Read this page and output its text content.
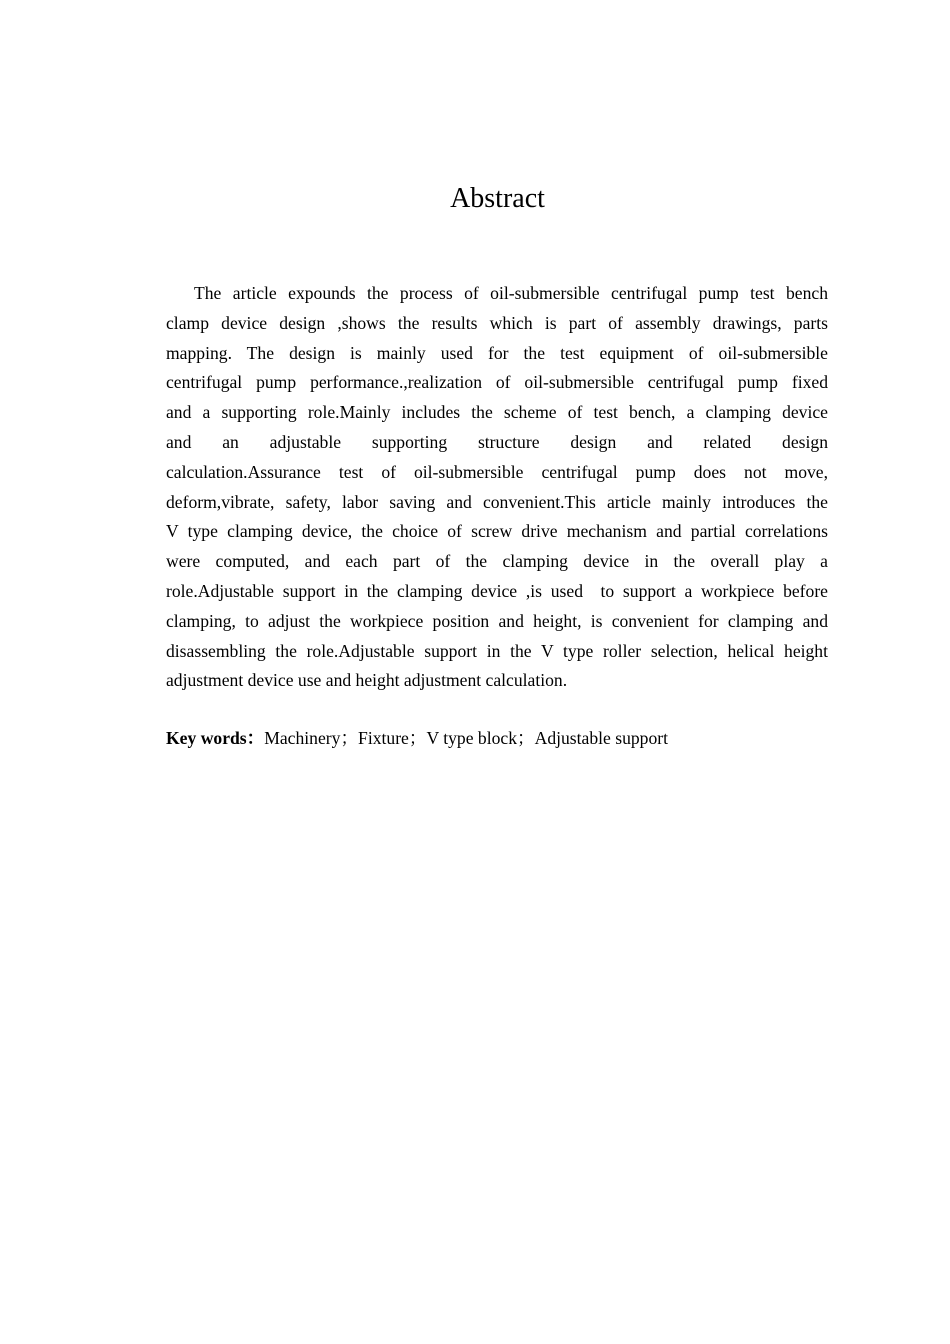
Abstract
The article expounds the process of oil-submersible centrifugal pump test bench
clamp device design ,shows the results which is part of assembly drawings, parts
mapping. The design is mainly used for the test equipment of oil-submersible
centrifugal pump performance.,realization of oil-submersible centrifugal pump fixed
and a supporting role.Mainly includes the scheme of test bench, a clamping device
and an adjustable supporting structure design and related design
calculation.Assurance test of oil-submersible centrifugal pump does not move,
deform,vibrate, safety, labor saving and convenient.This article mainly introduces the
V type clamping device, the choice of screw drive mechanism and partial correlations
were computed, and each part of the clamping device in the overall play a
role.Adjustable support in the clamping device ,is used  to support a workpiece before
clamping, to adjust the workpiece position and height, is convenient for clamping and
disassembling the role.Adjustable support in the V type roller selection, helical height
adjustment device use and height adjustment calculation.

Key words：Machinery；Fixture；V type block；Adjustable support
